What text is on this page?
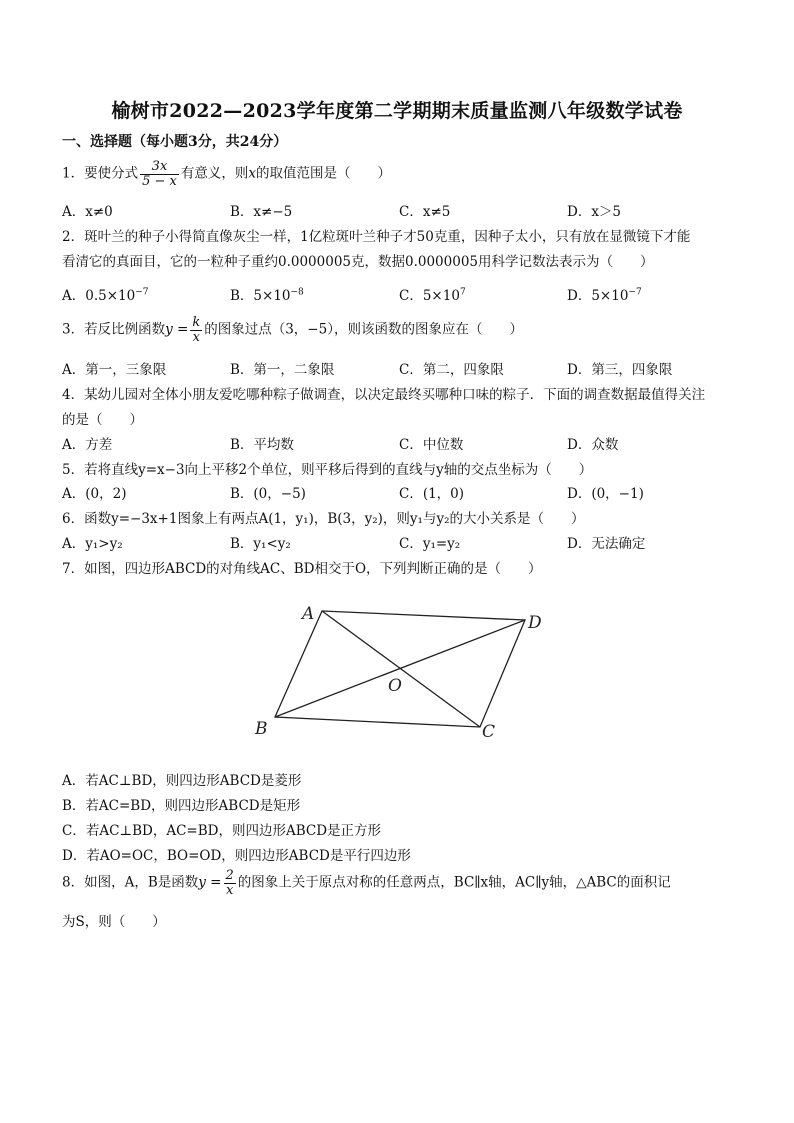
榆树市2022—2023学年度第二学期期末质量监测八年级数学试卷
一、选择题（每小题3分，共24分）
1．要使分式 $\frac{3x}{5 - x}$ 有意义，则x的取值范围是（　　）
A．x≠0	B．x≠−5	C．x≠5	D．x＞5
2．斑叶兰的种子小得简直像灰尘一样，1亿粒斑叶兰种子才50克重，因种子太小，只有放在显微镜下才能
看清它的真面目，它的一粒种子重约0.0000005克，数据0.0000005用科学记数法表示为（　　）
A．$0.5\times 10^{-7}$	B．$5\times 10^{-8}$	C．$5\times 10^7$	D．$5\times 10^{-7}$
3．若反比例函数$y = \frac{k}{x}$ 的图象过点（3，−5），则该函数的图象应在（　　）
A．第一，三象限	B．第一，二象限	C．第二，四象限	D．第三，四象限
4．某幼儿园对全体小朋友爱吃哪种粽子做调查，以决定最终买哪种口味的粽子．下面的调查数据最值得关注
的是（　　）
A．方差	B．平均数	C．中位数	D．众数
5．若将直线y=x−3向上平移2个单位，则平移后得到的直线与y轴的交点坐标为（　　）
A．(0，2)	B．(0，−5)	C．(1，0)	D．(0，−1)
6．函数y=−3x+1图象上有两点A(1，y₁)，B(3，y₂)，则y₁与y₂的大小关系是（　　）
A．y₁>y₂	B．y₁<y₂	C．y₁=y₂	D．无法确定
7．如图，四边形ABCD的对角线AC、BD相交于O，下列判断正确的是（　　）
A	D
O
B	C
A．若AC⊥BD，则四边形ABCD是菱形
B．若AC=BD，则四边形ABCD是矩形
C．若AC⊥BD，AC=BD，则四边形ABCD是正方形
D．若AO=OC，BO=OD，则四边形ABCD是平行四边形
8．如图，A，B是函数$y = \frac{2}{x}$ 的图象上关于原点对称的任意两点，BC∥x轴，AC∥y轴，△ABC的面积记
为S，则（　　）
